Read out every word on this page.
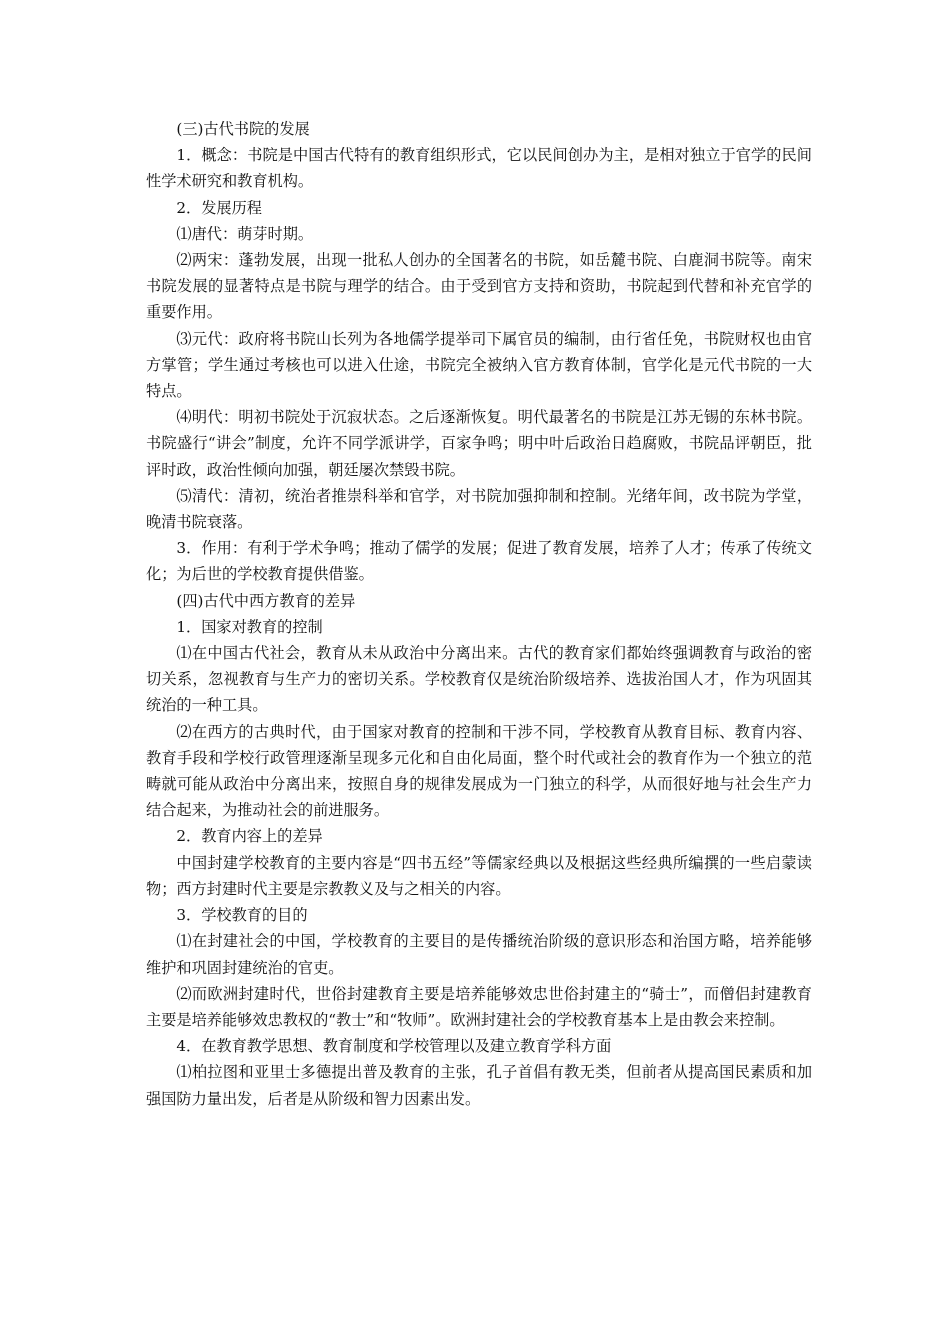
(三)古代书院的发展

1．概念：书院是中国古代特有的教育组织形式，它以民间创办为主，是相对独立于官学的民间性学术研究和教育机构。

2．发展历程

⑴唐代：萌芽时期。

⑵两宋：蓬勃发展，出现一批私人创办的全国著名的书院，如岳麓书院、白鹿洞书院等。南宋书院发展的显著特点是书院与理学的结合。由于受到官方支持和资助，书院起到代替和补充官学的重要作用。

⑶元代：政府将书院山长列为各地儒学提举司下属官员的编制，由行省任免，书院财权也由官方掌管；学生通过考核也可以进入仕途，书院完全被纳入官方教育体制，官学化是元代书院的一大特点。

⑷明代：明初书院处于沉寂状态。之后逐渐恢复。明代最著名的书院是江苏无锡的东林书院。书院盛行“讲会”制度，允许不同学派讲学，百家争鸣；明中叶后政治日趋腐败，书院品评朝臣，批评时政，政治性倾向加强，朝廷屡次禁毁书院。

⑸清代：清初，统治者推崇科举和官学，对书院加强抑制和控制。光绪年间，改书院为学堂，晚清书院衰落。

3．作用：有利于学术争鸣；推动了儒学的发展；促进了教育发展，培养了人才；传承了传统文化；为后世的学校教育提供借鉴。

(四)古代中西方教育的差异

1．国家对教育的控制

⑴在中国古代社会，教育从未从政治中分离出来。古代的教育家们都始终强调教育与政治的密切关系，忽视教育与生产力的密切关系。学校教育仅是统治阶级培养、选拔治国人才，作为巩固其统治的一种工具。

⑵在西方的古典时代，由于国家对教育的控制和干涉不同，学校教育从教育目标、教育内容、教育手段和学校行政管理逐渐呈现多元化和自由化局面，整个时代或社会的教育作为一个独立的范畴就可能从政治中分离出来，按照自身的规律发展成为一门独立的科学，从而很好地与社会生产力结合起来，为推动社会的前进服务。

2．教育内容上的差异

中国封建学校教育的主要内容是“四书五经”等儒家经典以及根据这些经典所编撰的一些启蒙读物；西方封建时代主要是宗教教义及与之相关的内容。

3．学校教育的目的

⑴在封建社会的中国，学校教育的主要目的是传播统治阶级的意识形态和治国方略，培养能够维护和巩固封建统治的官吏。

⑵而欧洲封建时代，世俗封建教育主要是培养能够效忠世俗封建主的“骑士”，而僧侣封建教育主要是培养能够效忠教权的“教士”和“牧师”。欧洲封建社会的学校教育基本上是由教会来控制。

4．在教育教学思想、教育制度和学校管理以及建立教育学科方面

⑴柏拉图和亚里士多德提出普及教育的主张，孔子首倡有教无类，但前者从提高国民素质和加强国防力量出发，后者是从阶级和智力因素出发。
